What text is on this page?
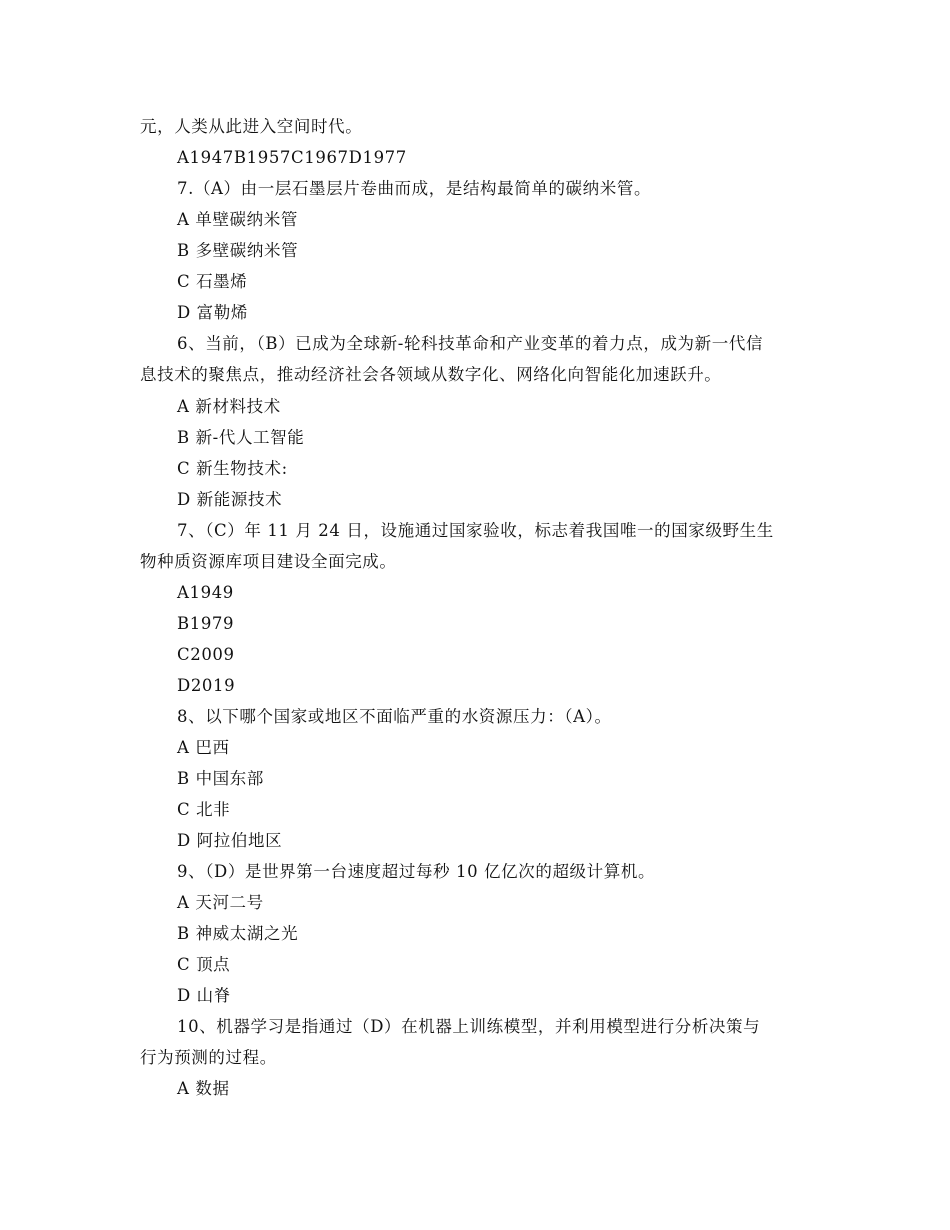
元，人类从此进入空间时代。
A1947B1957C1967D1977
7.（A）由一层石墨层片卷曲而成，是结构最简单的碳纳米管。
A 单壁碳纳米管
B 多壁碳纳米管
C 石墨烯
D 富勒烯
6、当前，（B）已成为全球新-轮科技革命和产业变革的着力点，成为新一代信
息技术的聚焦点，推动经济社会各领域从数字化、网络化向智能化加速跃升。
A 新材料技术
B 新-代人工智能
C 新生物技术:
D 新能源技术
7、（C）年 11 月 24 日，设施通过国家验收，标志着我国唯一的国家级野生生
物种质资源库项目建设全面完成。
A1949
B1979
C2009
D2019
8、以下哪个国家或地区不面临严重的水资源压力：（A）。
A 巴西
B 中国东部
C 北非
D 阿拉伯地区
9、（D）是世界第一台速度超过每秒 10 亿亿次的超级计算机。
A 天河二号
B 神威太湖之光
C 顶点
D 山脊
10、机器学习是指通过（D）在机器上训练模型，并利用模型进行分析决策与
行为预测的过程。
A 数据
